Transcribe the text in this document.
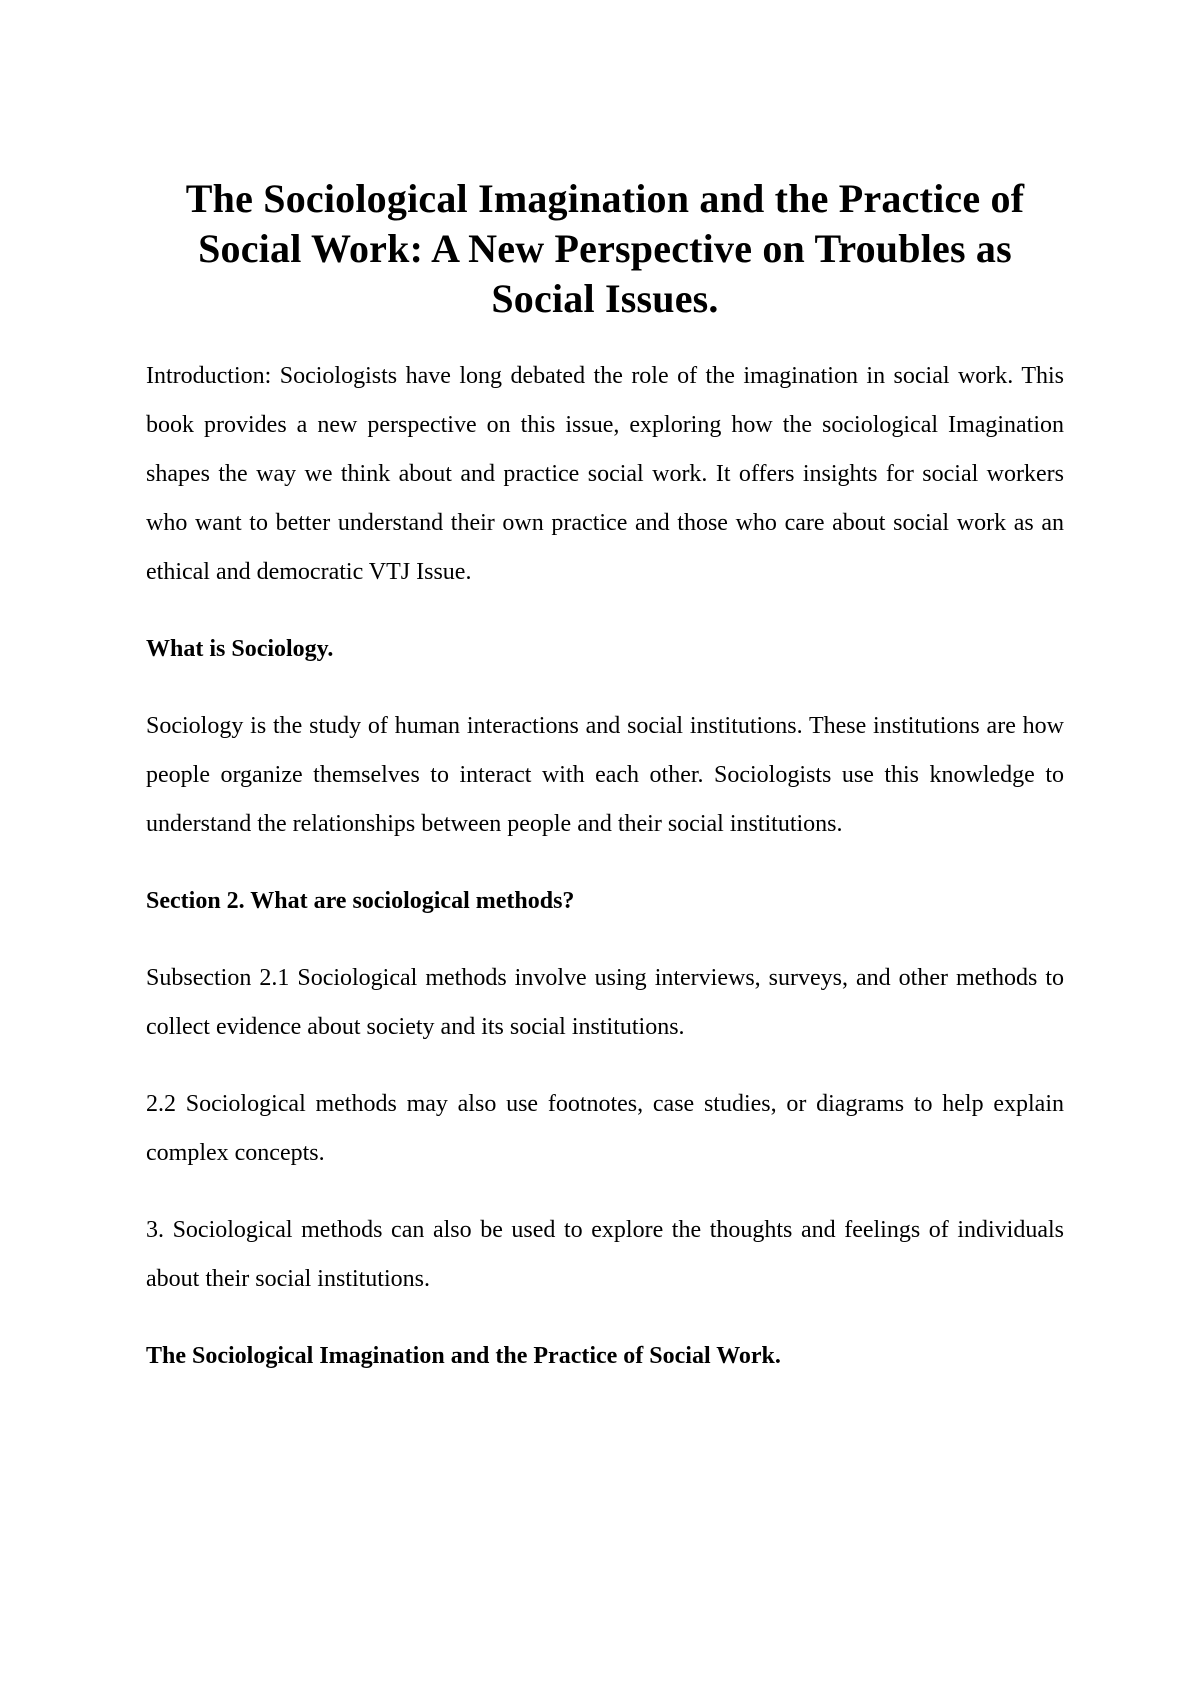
The Sociological Imagination and the Practice of Social Work: A New Perspective on Troubles as Social Issues.

Introduction: Sociologists have long debated the role of the imagination in social work. This book provides a new perspective on this issue, exploring how the sociological Imagination shapes the way we think about and practice social work. It offers insights for social workers who want to better understand their own practice and those who care about social work as an ethical and democratic VTJ Issue.

What is Sociology.

Sociology is the study of human interactions and social institutions. These institutions are how people organize themselves to interact with each other. Sociologists use this knowledge to understand the relationships between people and their social institutions.

Section 2. What are sociological methods?

Subsection 2.1 Sociological methods involve using interviews, surveys, and other methods to collect evidence about society and its social institutions.

2.2 Sociological methods may also use footnotes, case studies, or diagrams to help explain complex concepts.

3. Sociological methods can also be used to explore the thoughts and feelings of individuals about their social institutions.

The Sociological Imagination and the Practice of Social Work.
